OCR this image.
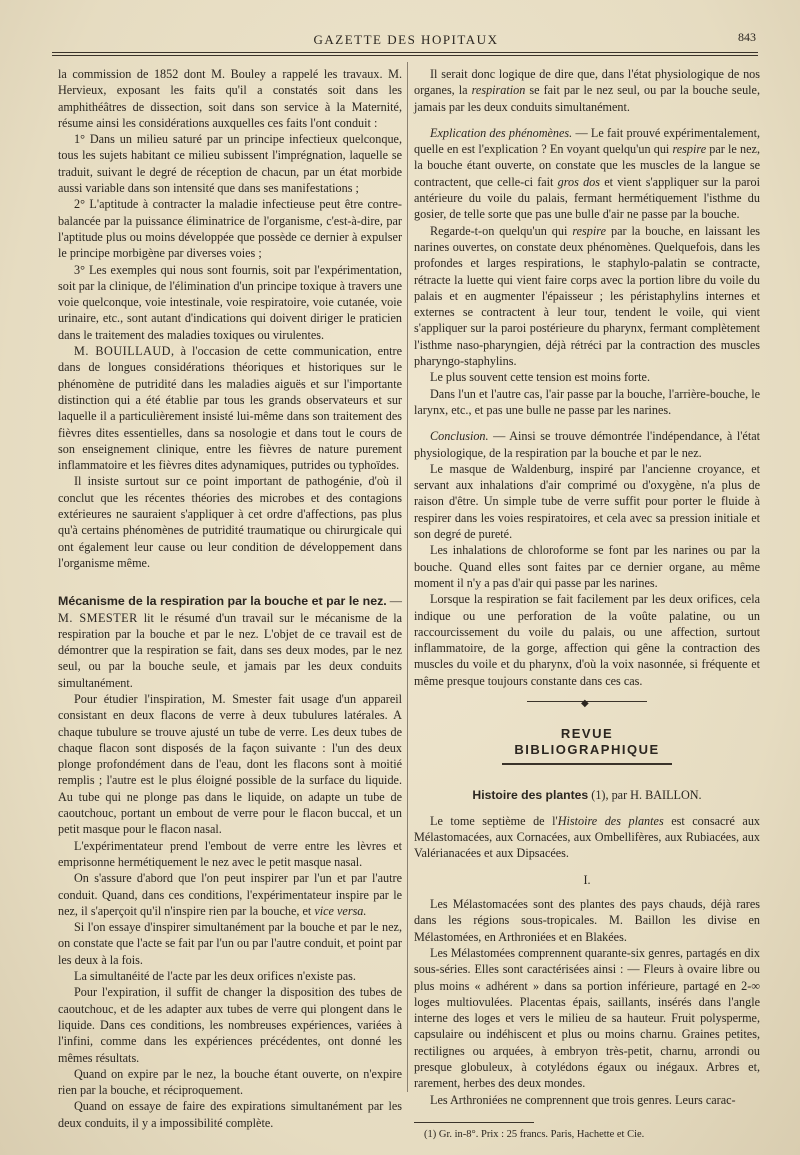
GAZETTE DES HOPITAUX	843

la commission de 1852 dont M. Bouley a rappelé les travaux. M. Hervieux, exposant les faits qu'il a constatés soit dans les amphithéâtres de dissection, soit dans son service à la Maternité, résume ainsi les considérations auxquelles ces faits l'ont conduit :

1° Dans un milieu saturé par un principe infectieux quelconque, tous les sujets habitant ce milieu subissent l'imprégnation, laquelle se traduit, suivant le degré de réception de chacun, par un état morbide aussi variable dans son intensité que dans ses manifestations ;

2° L'aptitude à contracter la maladie infectieuse peut être contre-balancée par la puissance éliminatrice de l'organisme, c'est-à-dire, par l'aptitude plus ou moins développée que possède ce dernier à expulser le principe morbigène par diverses voies ;

3° Les exemples qui nous sont fournis, soit par l'expérimentation, soit par la clinique, de l'élimination d'un principe toxique à travers une voie quelconque, voie intestinale, voie respiratoire, voie cutanée, voie urinaire, etc., sont autant d'indications qui doivent diriger le praticien dans le traitement des maladies toxiques ou virulentes.

M. BOUILLAUD, à l'occasion de cette communication, entre dans de longues considérations théoriques et historiques sur le phénomène de putridité dans les maladies aiguës et sur l'importante distinction qui a été établie par tous les grands observateurs et sur laquelle il a particulièrement insisté lui-même dans son traitement des fièvres dites essentielles, dans sa nosologie et dans tout le cours de son enseignement clinique, entre les fièvres de nature purement inflammatoire et les fièvres dites adynamiques, putrides ou typhoïdes.

Il insiste surtout sur ce point important de pathogénie, d'où il conclut que les récentes théories des microbes et des contagions extérieures ne sauraient s'appliquer à cet ordre d'affections, pas plus qu'à certains phénomènes de putridité traumatique ou chirurgicale qui ont également leur cause ou leur condition de développement dans l'organisme même.

Mécanisme de la respiration par la bouche et par le nez. — M. SMESTER lit le résumé d'un travail sur le mécanisme de la respiration par la bouche et par le nez. L'objet de ce travail est de démontrer que la respiration se fait, dans ses deux modes, par le nez seul, ou par la bouche seule, et jamais par les deux conduits simultanément.

Pour étudier l'inspiration, M. Smester fait usage d'un appareil consistant en deux flacons de verre à deux tubulures latérales. A chaque tubulure se trouve ajusté un tube de verre. Les deux tubes de chaque flacon sont disposés de la façon suivante : l'un des deux plonge profondément dans de l'eau, dont les flacons sont à moitié remplis ; l'autre est le plus éloigné possible de la surface du liquide. Au tube qui ne plonge pas dans le liquide, on adapte un tube de caoutchouc, portant un embout de verre pour le flacon buccal, et un petit masque pour le flacon nasal.

L'expérimentateur prend l'embout de verre entre les lèvres et emprisonne hermétiquement le nez avec le petit masque nasal.

On s'assure d'abord que l'on peut inspirer par l'un et par l'autre conduit. Quand, dans ces conditions, l'expérimentateur inspire par le nez, il s'aperçoit qu'il n'inspire rien par la bouche, et vice versa.

Si l'on essaye d'inspirer simultanément par la bouche et par le nez, on constate que l'acte se fait par l'un ou par l'autre conduit, et point par les deux à la fois.

La simultanéité de l'acte par les deux orifices n'existe pas.

Pour l'expiration, il suffit de changer la disposition des tubes de caoutchouc, et de les adapter aux tubes de verre qui plongent dans le liquide. Dans ces conditions, les nombreuses expériences, variées à l'infini, comme dans les expériences précédentes, ont donné les mêmes résultats.

Quand on expire par le nez, la bouche étant ouverte, on n'expire rien par la bouche, et réciproquement.

Quand on essaye de faire des expirations simultanément par les deux conduits, il y a impossibilité complète.

Il serait donc logique de dire que, dans l'état physiologique de nos organes, la respiration se fait par le nez seul, ou par la bouche seule, jamais par les deux conduits simultanément.

Explication des phénomènes. — Le fait prouvé expérimentalement, quelle en est l'explication ? En voyant quelqu'un qui respire par le nez, la bouche étant ouverte, on constate que les muscles de la langue se contractent, que celle-ci fait gros dos et vient s'appliquer sur la paroi antérieure du voile du palais, fermant hermétiquement l'isthme du gosier, de telle sorte que pas une bulle d'air ne passe par la bouche.

Regarde-t-on quelqu'un qui respire par la bouche, en laissant les narines ouvertes, on constate deux phénomènes. Quelquefois, dans les profondes et larges respirations, le staphylo-palatin se contracte, rétracte la luette qui vient faire corps avec la portion libre du voile du palais et en augmenter l'épaisseur ; les péristaphylins internes et externes se contractent à leur tour, tendent le voile, qui vient s'appliquer sur la paroi postérieure du pharynx, fermant complètement l'isthme naso-pharyngien, déjà rétréci par la contraction des muscles pharyngo-staphylins.

Le plus souvent cette tension est moins forte.

Dans l'un et l'autre cas, l'air passe par la bouche, l'arrière-bouche, le larynx, etc., et pas une bulle ne passe par les narines.

Conclusion. — Ainsi se trouve démontrée l'indépendance, à l'état physiologique, de la respiration par la bouche et par le nez.

Le masque de Waldenburg, inspiré par l'ancienne croyance, et servant aux inhalations d'air comprimé ou d'oxygène, n'a plus de raison d'être. Un simple tube de verre suffit pour porter le fluide à respirer dans les voies respiratoires, et cela avec sa pression initiale et son degré de pureté.

Les inhalations de chloroforme se font par les narines ou par la bouche. Quand elles sont faites par ce dernier organe, au même moment il n'y a pas d'air qui passe par les narines.

Lorsque la respiration se fait facilement par les deux orifices, cela indique ou une perforation de la voûte palatine, ou un raccourcissement du voile du palais, ou une affection, surtout inflammatoire, de la gorge, affection qui gêne la contraction des muscles du voile et du pharynx, d'où la voix nasonnée, si fréquente et même presque toujours constante dans ces cas.

◆
REVUE BIBLIOGRAPHIQUE

Histoire des plantes (1), par H. BAILLON.

Le tome septième de l'Histoire des plantes est consacré aux Mélastomacées, aux Cornacées, aux Ombellifères, aux Rubiacées, aux Valérianacées et aux Dipsacées.

I.

Les Mélastomacées sont des plantes des pays chauds, déjà rares dans les régions sous-tropicales. M. Baillon les divise en Mélastomées, en Arthroniées et en Blakées.

Les Mélastomées comprennent quarante-six genres, partagés en dix sous-séries. Elles sont caractérisées ainsi : — Fleurs à ovaire libre ou plus moins « adhérent » dans sa portion inférieure, partagé en 2-∞ loges multiovulées. Placentas épais, saillants, insérés dans l'angle interne des loges et vers le milieu de sa hauteur. Fruit polysperme, capsulaire ou indéhiscent et plus ou moins charnu. Graines petites, rectilignes ou arquées, à embryon très-petit, charnu, arrondi ou presque globuleux, à cotylédons égaux ou inégaux. Arbres et, rarement, herbes des deux mondes.

Les Arthroniées ne comprennent que trois genres. Leurs carac-

(1) Gr. in-8°. Prix : 25 francs. Paris, Hachette et Cie.
